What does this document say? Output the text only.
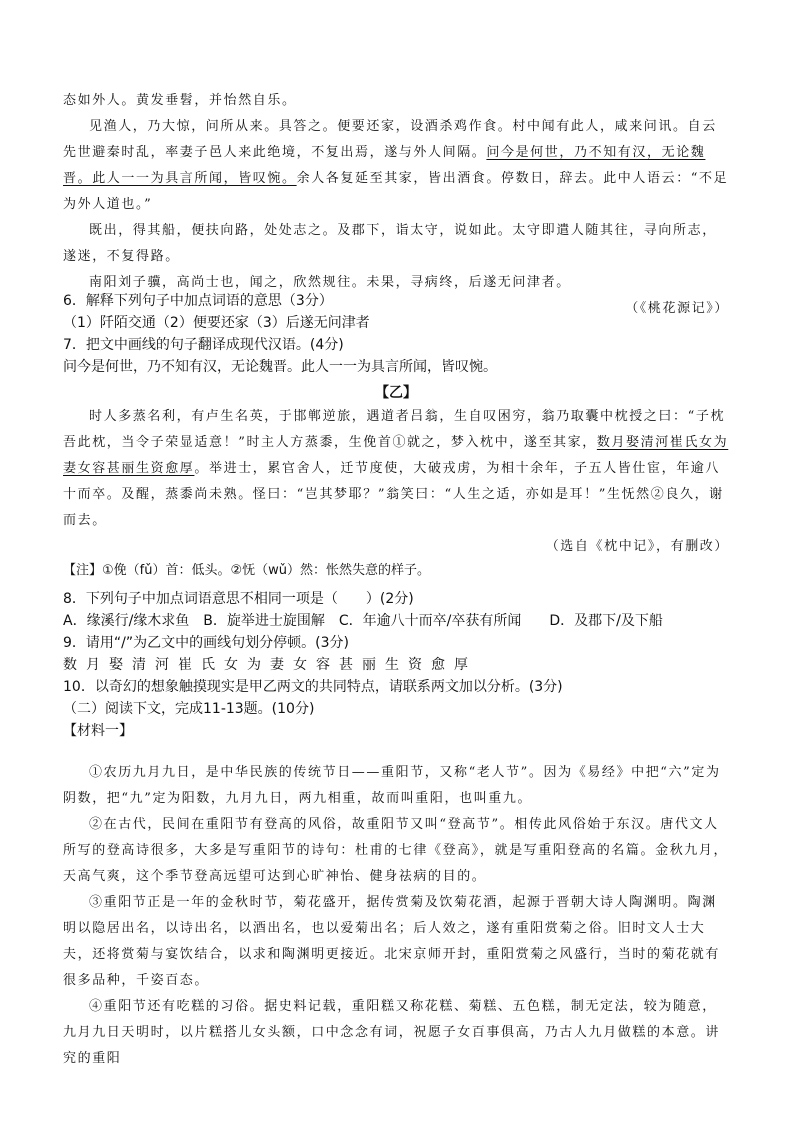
态如外人。黄发垂髫，并怡然自乐。
见渔人，乃大惊，问所从来。具答之。便要还家，设酒杀鸡作食。村中闻有此人，咸来问讯。自云先世避秦时乱，率妻子邑人来此绝境，不复出焉，遂与外人间隔。问今是何世，乃不知有汉，无论魏晋。此人一一为具言所闻，皆叹惋。余人各复延至其家，皆出酒食。停数日，辞去。此中人语云：“不足为外人道也。”
既出，得其船，便扶向路，处处志之。及郡下，诣太守，说如此。太守即遣人随其往，寻向所志，遂迷，不复得路。
南阳刘子骥，高尚士也，闻之，欣然规往。未果，寻病终，后遂无问津者。
（《桃花源记》）
6．解释下列句子中加点词语的意思（3分）
（1）阡陌交通（2）便要还家（3）后遂无问津者
7．把文中画线的句子翻译成现代汉语。(4分)
问今是何世，乃不知有汉，无论魏晋。此人一一为具言所闻，皆叹惋。
【乙】
时人多蒸名利，有卢生名英，于邯郸逆旅，遇道者吕翁，生自叹困穷，翁乃取囊中枕授之曰：“子枕吾此枕，当令子荣显适意！”时主人方蒸黍，生俛首①就之，梦入枕中，遂至其家，数月娶清河崔氏女为妻女容甚丽生资愈厚。举进士，累官舍人，迁节度使，大破戎虏，为相十余年，子五人皆仕宦，年逾八十而卒。及醒，蒸黍尚未熟。怪曰：“岂其梦耶？”翁笑曰：“人生之适，亦如是耳！”生怃然②良久，谢而去。
（选自《枕中记》，有删改）
【注】①俛（fǔ）首：低头。②怃（wǔ）然：怅然失意的样子。
8．下列句子中加点词语意思不相同一项是（　　）(2分)
A．缘溪行/缘木求鱼　B．旋举进士旋围解　C．年逾八十而卒/卒获有所闻　　D．及郡下/及下船
9．请用“/”为乙文中的画线句划分停顿。(3分)
数月娶清河崔氏女为妻女容甚丽生资愈厚
10．以奇幻的想象触摸现实是甲乙两文的共同特点，请联系两文加以分析。(3分)
（二）阅读下文，完成11-13题。(10分)
【材料一】
①农历九月九日，是中华民族的传统节日——重阳节，又称“老人节”。因为《易经》中把“六”定为阴数，把“九”定为阳数，九月九日，两九相重，故而叫重阳，也叫重九。
②在古代，民间在重阳节有登高的风俗，故重阳节又叫“登高节”。相传此风俗始于东汉。唐代文人所写的登高诗很多，大多是写重阳节的诗句：杜甫的七律《登高》，就是写重阳登高的名篇。金秋九月，天高气爽，这个季节登高远望可达到心旷神怡、健身祛病的目的。
③重阳节正是一年的金秋时节，菊花盛开，据传赏菊及饮菊花酒，起源于晋朝大诗人陶渊明。陶渊明以隐居出名，以诗出名，以酒出名，也以爱菊出名；后人效之，遂有重阳赏菊之俗。旧时文人士大夫，还将赏菊与宴饮结合，以求和陶渊明更接近。北宋京师开封，重阳赏菊之风盛行，当时的菊花就有很多品种，千姿百态。
④重阳节还有吃糕的习俗。据史料记载，重阳糕又称花糕、菊糕、五色糕，制无定法，较为随意，九月九日天明时，以片糕搭儿女头额，口中念念有词，祝愿子女百事俱高，乃古人九月做糕的本意。讲究的重阳
